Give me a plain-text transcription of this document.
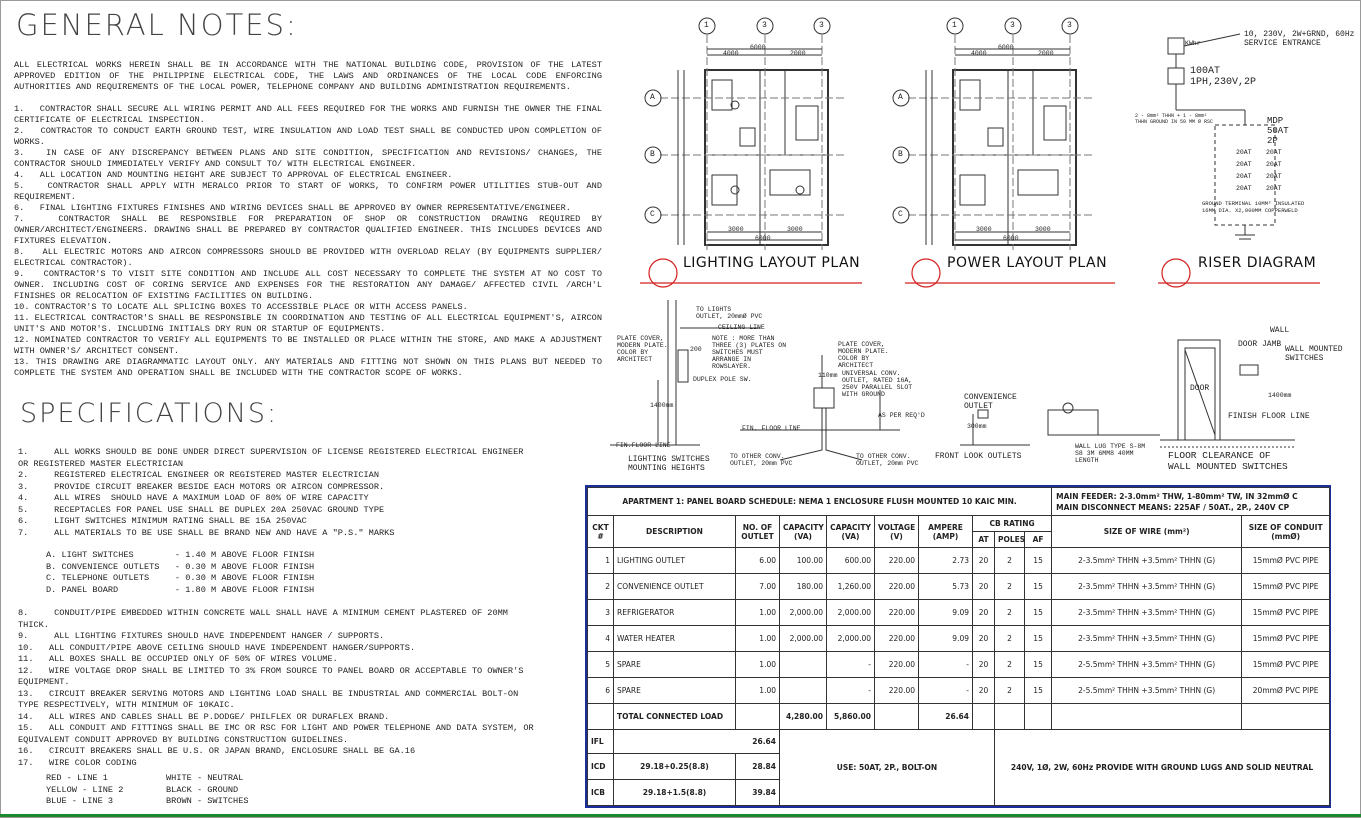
GENERAL NOTES:
ALL ELECTRICAL WORKS HEREIN SHALL BE IN ACCORDANCE WITH THE NATIONAL BUILDING CODE, PROVISION OF THE LATEST APPROVED EDITION OF THE PHILIPPINE ELECTRICAL CODE, THE LAWS AND ORDINANCES OF THE LOCAL CODE ENFORCING AUTHORITIES AND REQUIREMENTS OF THE LOCAL POWER, TELEPHONE COMPANY AND BUILDING ADMINISTRATION REQUIREMENTS.
1.   CONTRACTOR SHALL SECURE ALL WIRING PERMIT AND ALL FEES REQUIRED FOR THE WORKS AND FURNISH THE OWNER THE FINAL CERTIFICATE OF ELECTRICAL INSPECTION.
2.   CONTRACTOR TO CONDUCT EARTH GROUND TEST, WIRE INSULATION AND LOAD TEST SHALL BE CONDUCTED UPON COMPLETION OF WORKS.
3.   IN CASE OF ANY DISCREPANCY BETWEEN PLANS AND SITE CONDITION, SPECIFICATION AND REVISIONS/ CHANGES, THE CONTRACTOR SHOULD IMMEDIATELY VERIFY AND CONSULT TO/ WITH ELECTRICAL ENGINEER.
4.   ALL LOCATION AND MOUNTING HEIGHT ARE SUBJECT TO APPROVAL OF ELECTRICAL ENGINEER.
5.   CONTRACTOR SHALL APPLY WITH MERALCO PRIOR TO START OF WORKS, TO CONFIRM POWER UTILITIES STUB-OUT AND REQUIREMENT.
6.   FINAL LIGHTING FIXTURES FINISHES AND WIRING DEVICES SHALL BE APPROVED BY OWNER REPRESENTATIVE/ENGINEER.
7.      CONTRACTOR  SHALL  BE  RESPONSIBLE  FOR  PREPARATION  OF  SHOP  OR  CONSTRUCTION  DRAWING  REQUIRED  BY OWNER/ARCHITECT/ENGINEERS. DRAWING SHALL BE PREPARED BY CONTRACTOR QUALIFIED ENGINEER. THIS INCLUDES DEVICES AND FIXTURES ELEVATION.
8.   ALL ELECTRIC MOTORS AND AIRCON COMPRESSORS SHOULD BE PROVIDED WITH OVERLOAD RELAY (BY EQUIPMENTS SUPPLIER/ ELECTRICAL CONTRACTOR).
9.   CONTRACTOR'S TO VISIT SITE CONDITION AND INCLUDE ALL COST NECESSARY TO COMPLETE THE SYSTEM AT NO COST TO OWNER. INCLUDING COST OF CORING SERVICE AND EXPENSES FOR THE RESTORATION ANY DAMAGE/ AFFECTED CIVIL /ARCH'L FINISHES OR RELOCATION OF EXISTING FACILITIES ON BUILDING.
10. CONTRACTOR'S TO LOCATE ALL SPLICING BOXES TO ACCESSIBLE PLACE OR WITH ACCESS PANELS.
11. ELECTRICAL CONTRACTOR'S SHALL BE RESPONSIBLE IN COORDINATION AND TESTING OF ALL ELECTRICAL EQUIPMENT'S, AIRCON UNIT'S AND MOTOR'S. INCLUDING INITIALS DRY RUN OR STARTUP OF EQUIPMENTS.
12. NOMINATED CONTRACTOR TO VERIFY ALL EQUIPMENTS TO BE INSTALLED OR PLACE WITHIN THE STORE, AND MAKE A ADJUSTMENT WITH OWNER'S/ ARCHITECT CONSENT.
13. THIS DRAWING ARE DIAGRAMMATIC LAYOUT ONLY. ANY MATERIALS AND FITTING NOT SHOWN ON THIS PLANS BUT NEEDED TO COMPLETE THE SYSTEM AND OPERATION SHALL BE INCLUDED WITH THE CONTRACTOR SCOPE OF WORKS.
SPECIFICATIONS:
1.     ALL WORKS SHOULD BE DONE UNDER DIRECT SUPERVISION OF LICENSE REGISTERED ELECTRICAL ENGINEER OR REGISTERED MASTER ELECTRICIAN
2.     REGISTERED ELECTRICAL ENGINEER OR REGISTERED MASTER ELECTRICIAN
3.     PROVIDE CIRCUIT BREAKER BESIDE EACH MOTORS OR AIRCON COMPRESSOR.
4.     ALL WIRES  SHOULD HAVE A MAXIMUM LOAD OF 80% OF WIRE CAPACITY
5.     RECEPTACLES FOR PANEL USE SHALL BE DUPLEX 20A 250VAC GROUND TYPE
6.     LIGHT SWITCHES MINIMUM RATING SHALL BE 15A 250VAC
7.     ALL MATERIALS TO BE USE SHALL BE BRAND NEW AND HAVE A "P.S." MARKS
A. LIGHT SWITCHES        - 1.40 M ABOVE FLOOR FINISH
B. CONVENIENCE OUTLETS   - 0.30 M ABOVE FLOOR FINISH
C. TELEPHONE OUTLETS     - 0.30 M ABOVE FLOOR FINISH
D. PANEL BOARD           - 1.80 M ABOVE FLOOR FINISH
8.     CONDUIT/PIPE EMBEDDED WITHIN CONCRETE WALL SHALL HAVE A MINIMUM CEMENT PLASTERED OF 20MM THICK.
9.     ALL LIGHTING FIXTURES SHOULD HAVE INDEPENDENT HANGER / SUPPORTS.
10.   ALL CONDUIT/PIPE ABOVE CEILING SHOULD HAVE INDEPENDENT HANGER/SUPPORTS.
11.   ALL BOXES SHALL BE OCCUPIED ONLY OF 50% OF WIRES VOLUME.
12.   WIRE VOLTAGE DROP SHALL BE LIMITED TO 3% FROM SOURCE TO PANEL BOARD OR ACCEPTABLE TO OWNER'S EQUIPMENT.
13.   CIRCUIT BREAKER SERVING MOTORS AND LIGHTING LOAD SHALL BE INDUSTRIAL AND COMMERCIAL BOLT-ON TYPE RESPECTIVELY, WITH MINIMUM OF 10KAIC.
14.   ALL WIRES AND CABLES SHALL BE P.DODGE/ PHILFLEX OR DURAFLEX BRAND.
15.   ALL CONDUIT AND FITTINGS SHALL BE IMC OR RSC FOR LIGHT AND POWER TELEPHONE AND DATA SYSTEM, OR EQUIVALENT CONDUIT APPROVED BY BUILDING CONSTRUCTION GUIDELINES.
16.   CIRCUIT BREAKERS SHALL BE U.S. OR JAPAN BRAND, ENCLOSURE SHALL BE GA.16
17.   WIRE COLOR CODING
RED - LINE 1
YELLOW - LINE 2
BLUE - LINE 3
WHITE - NEUTRAL
BLACK - GROUND
BROWN - SWITCHES
1	3	3
A
B
C
6000
4000	2000
3000	3000
6000
1	3	3
A
B
C
6000
4000	2000
3000	3000
6000
LIGHTING LAYOUT PLAN	POWER LAYOUT PLAN	RISER DIAGRAM
10, 230V, 2W+GRND, 60Hz
SERVICE ENTRANCE
KWhr
100AT
1PH,230V,2P
2 - 8mm² THHN + 1 - 8mm²
THHN GROUND IN 50 MM Ø RSC	MDP
50AT
2P
20AT 20AT
20AT 20AT
20AT 20AT
20AT 20AT
GROUND TERMINAL 10MM² INSULATED
16MM DIA. X2,000MM COPPERWELD
TO LIGHTS
OUTLET, 20mmØ PVC
CEILING LINE
NOTE : MORE THAN
THREE (3) PLATES ON
SWITCHES MUST
ARRANGE IN
ROWSLAYER.
PLATE COVER,
MODERN PLATE.
COLOR BY
ARCHITECT
200
DUPLEX POLE SW.
1400mm
FIN.FLOOR LINE
LIGHTING SWITCHES
MOUNTING HEIGHTS
PLATE COVER,
MODERN PLATE.
COLOR BY
ARCHITECT
UNIVERSAL CONV.
OUTLET, RATED 16A,
250V PARALLEL SLOT
WITH GROUND
110mm
AS PER REQ'D
FIN. FLOOR LINE
TO OTHER CONV.
OUTLET, 20mm PVC
TO OTHER CONV.
OUTLET, 20mm PVC
FRONT LOOK OUTLETS
CONVENIENCE
OUTLET
300mm
WALL LUG TYPE S-8M
S8 3M 6MM8 40MM
LENGTH
WALL
DOOR JAMB
WALL MOUNTED
SWITCHES
DOOR
1400mm
FINISH FLOOR LINE
FLOOR CLEARANCE OF
WALL MOUNTED SWITCHES
APARTMENT 1: PANEL BOARD SCHEDULE: NEMA 1 ENCLOSURE FLUSH MOUNTED 10 KAIC MIN.										MAIN FEEDER: 2-3.0mm² THW, 1-80mm² TW, IN 32mmØ C
MAIN DISCONNECT MEANS: 225AF / 50AT., 2P., 240V CP	

CKT #	DESCRIPTION	NO. OF OUTLET	CAPACITY (VA)	CAPACITY (VA)	VOLTAGE (V)	AMPERE (AMP)	CB RATING			SIZE OF WIRE (mm²)	SIZE OF CONDUIT (mmØ)
							AT	POLES	AF		
1	LIGHTING OUTLET	6.00	100.00	600.00	220.00	2.73	20	2	15	2-3.5mm² THHN +3.5mm² THHN (G)	15mmØ PVC PIPE
2	CONVENIENCE OUTLET	7.00	180.00	1,260.00	220.00	5.73	20	2	15	2-3.5mm² THHN +3.5mm² THHN (G)	15mmØ PVC PIPE
3	REFRIGERATOR	1.00	2,000.00	2,000.00	220.00	9.09	20	2	15	2-3.5mm² THHN +3.5mm² THHN (G)	15mmØ PVC PIPE
4	WATER HEATER	1.00	2,000.00	2,000.00	220.00	9.09	20	2	15	2-3.5mm² THHN +3.5mm² THHN (G)	15mmØ PVC PIPE
5	SPARE	1.00		-	220.00	-	20	2	15	2-5.5mm² THHN +3.5mm² THHN (G)	15mmØ PVC PIPE
6	SPARE	1.00		-	220.00	-	20	2	15	2-5.5mm² THHN +3.5mm² THHN (G)	20mmØ PVC PIPE
	TOTAL CONNECTED LOAD		4,280.00	5,860.00		26.64					
IFL	26.64		USE: 50AT, 2P., BOLT-ON					240V, 1Ø, 2W, 60Hz PROVIDE WITH GROUND LUGS AND SOLID NEUTRAL			
ICD	29.18+0.25(8.8)	28.84									
ICB	29.18+1.5(8.8)	39.84									
